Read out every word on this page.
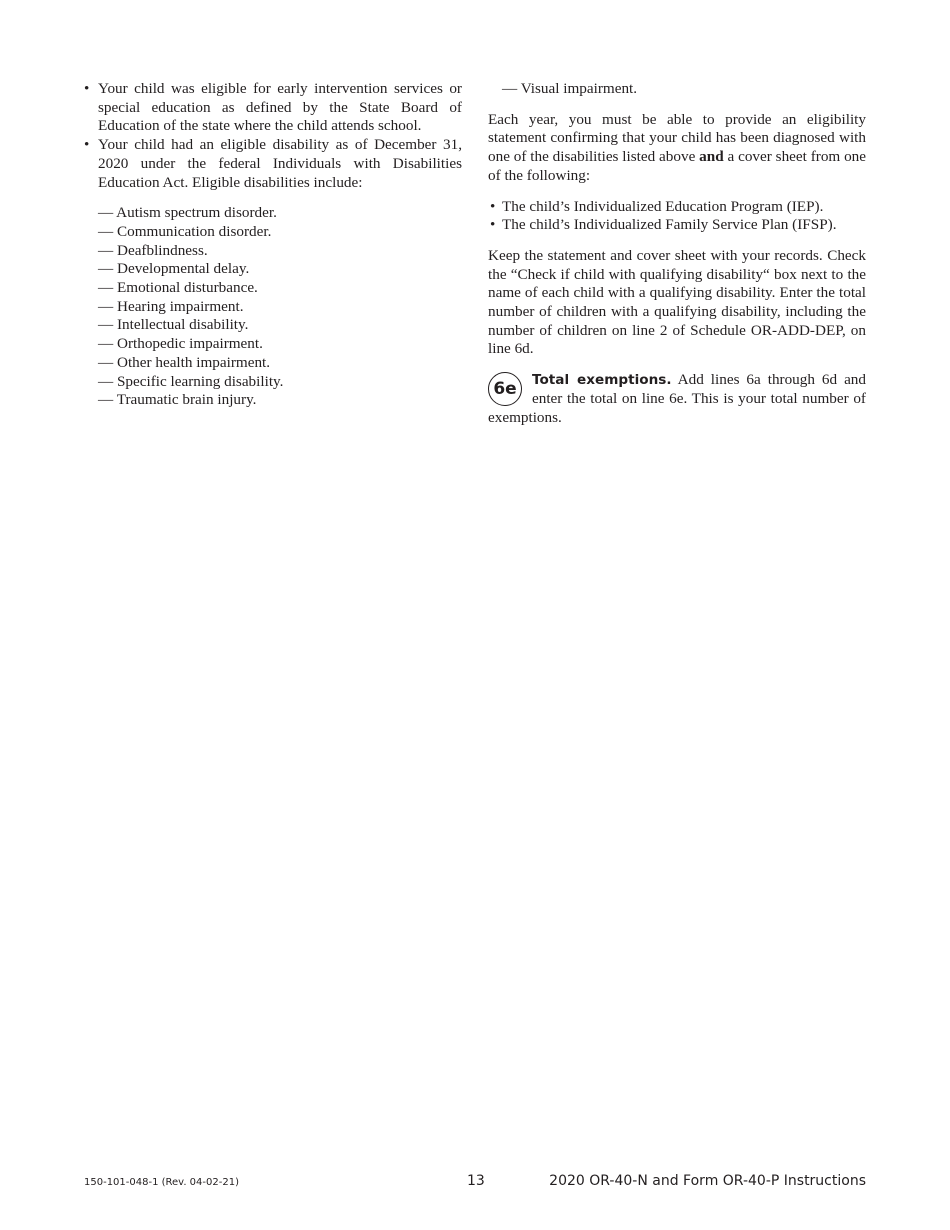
• Your child was eligible for early intervention services or special education as defined by the State Board of Education of the state where the child attends school.

• Your child had an eligible disability as of December 31, 2020 under the federal Individuals with Disabilities Education Act. Eligible disabilities include:

— Autism spectrum disorder.
— Communication disorder.
— Deafblindness.
— Developmental delay.
— Emotional disturbance.
— Hearing impairment.
— Intellectual disability.
— Orthopedic impairment.
— Other health impairment.
— Specific learning disability.
— Traumatic brain injury.

— Visual impairment.

Each year, you must be able to provide an eligibility statement confirming that your child has been diagnosed with one of the disabilities listed above and a cover sheet from one of the following:

• The child’s Individualized Education Program (IEP).

• The child’s Individualized Family Service Plan (IFSP).

Keep the statement and cover sheet with your records. Check the “Check if child with qualifying disability“ box next to the name of each child with a qualifying disability. Enter the total number of children with a qualifying disability, including the number of children on line 2 of Schedule OR-ADD-DEP, on line 6d.

6e	Total exemptions. Add lines 6a through 6d and enter the total on line 6e. This is your total number of exemptions.
150-101-048-1 (Rev. 04-02-21)	13	2020 OR-40-N and Form OR-40-P Instructions
